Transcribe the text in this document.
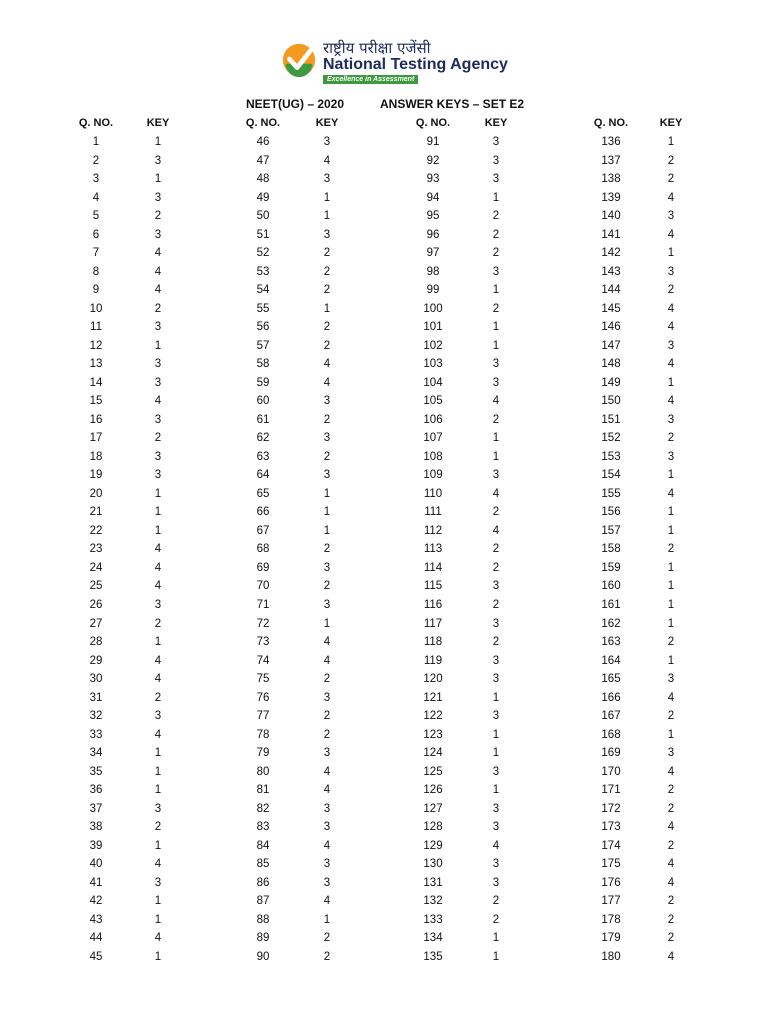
राष्ट्रीय परीक्षा एजेंसी
National Testing Agency
Excellence in Assessment
NEET(UG) – 2020	ANSWER KEYS – SET E2
Q. NO.	KEY
1	1
2	3
3	1
4	3
5	2
6	3
7	4
8	4
9	4
10	2
11	3
12	1
13	3
14	3
15	4
16	3
17	2
18	3
19	3
20	1
21	1
22	1
23	4
24	4
25	4
26	3
27	2
28	1
29	4
30	4
31	2
32	3
33	4
34	1
35	1
36	1
37	3
38	2
39	1
40	4
41	3
42	1
43	1
44	4
45	1
Q. NO.	KEY
46	3
47	4
48	3
49	1
50	1
51	3
52	2
53	2
54	2
55	1
56	2
57	2
58	4
59	4
60	3
61	2
62	3
63	2
64	3
65	1
66	1
67	1
68	2
69	3
70	2
71	3
72	1
73	4
74	4
75	2
76	3
77	2
78	2
79	3
80	4
81	4
82	3
83	3
84	4
85	3
86	3
87	4
88	1
89	2
90	2
Q. NO.	KEY
91	3
92	3
93	3
94	1
95	2
96	2
97	2
98	3
99	1
100	2
101	1
102	1
103	3
104	3
105	4
106	2
107	1
108	1
109	3
110	4
111	2
112	4
113	2
114	2
115	3
116	2
117	3
118	2
119	3
120	3
121	1
122	3
123	1
124	1
125	3
126	1
127	3
128	3
129	4
130	3
131	3
132	2
133	2
134	1
135	1
Q. NO.	KEY
136	1
137	2
138	2
139	4
140	3
141	4
142	1
143	3
144	2
145	4
146	4
147	3
148	4
149	1
150	4
151	3
152	2
153	3
154	1
155	4
156	1
157	1
158	2
159	1
160	1
161	1
162	1
163	2
164	1
165	3
166	4
167	2
168	1
169	3
170	4
171	2
172	2
173	4
174	2
175	4
176	4
177	2
178	2
179	2
180	4
